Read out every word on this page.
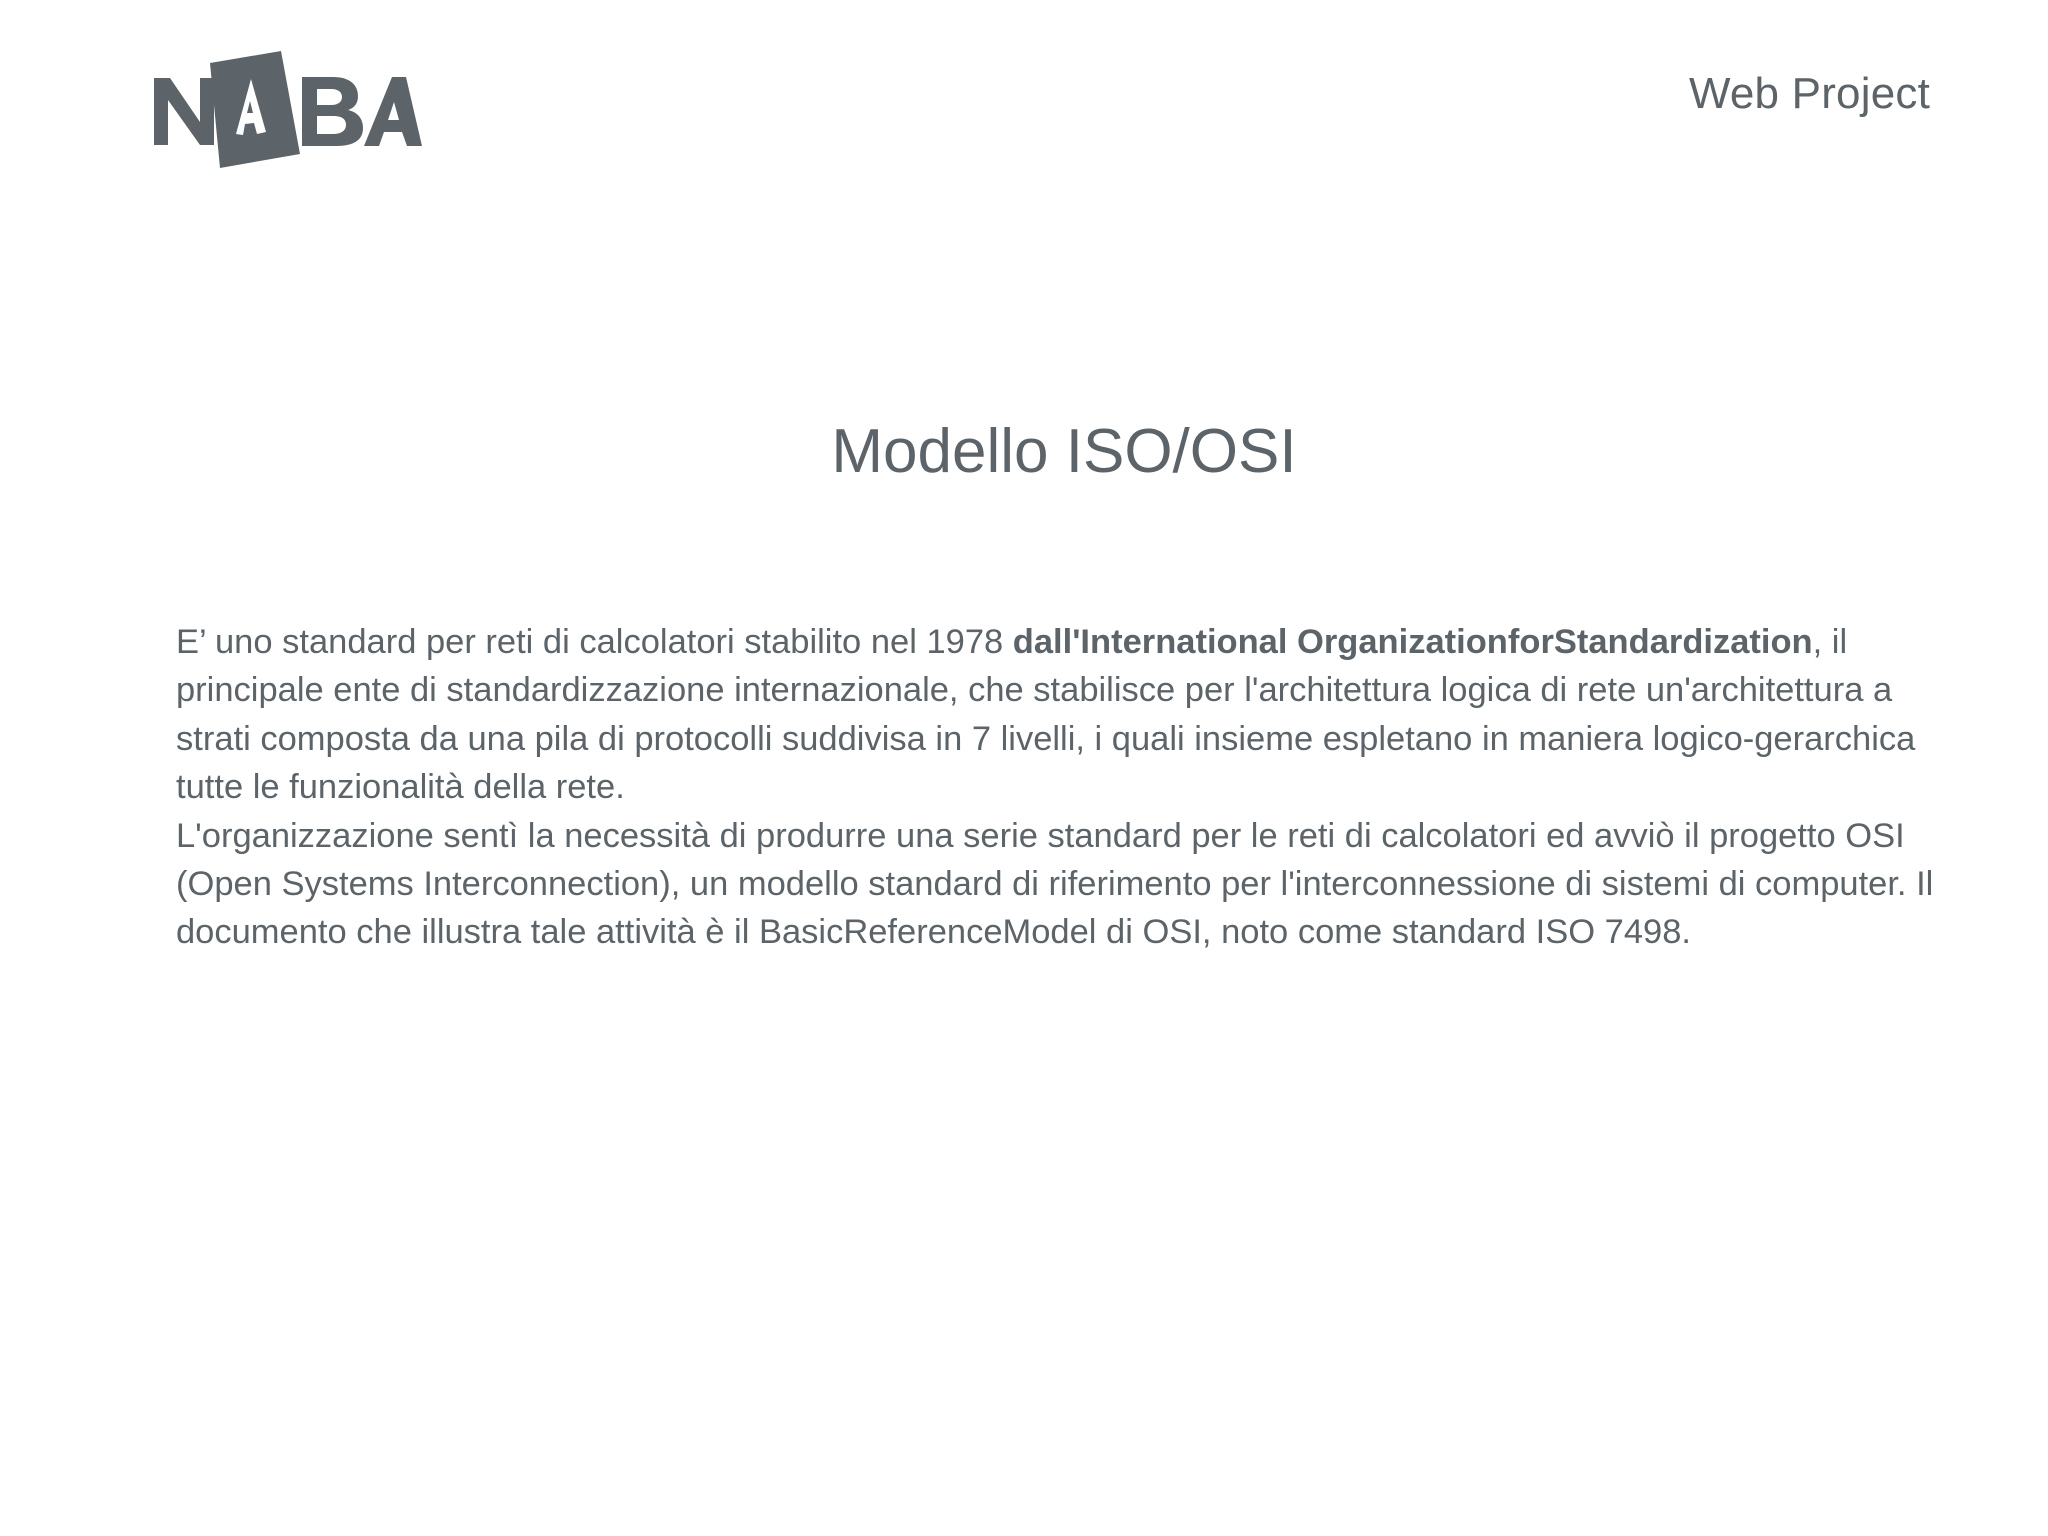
Web Project
Modello ISO/OSI

E’ uno standard per reti di calcolatori stabilito nel 1978 dall'International OrganizationforStandardization, il principale ente di standardizzazione internazionale, che stabilisce per l'architettura logica di rete un'architettura a strati composta da una pila di protocolli suddivisa in 7 livelli, i quali insieme espletano in maniera logico-gerarchica tutte le funzionalità della rete.

L'organizzazione sentì la necessità di produrre una serie standard per le reti di calcolatori ed avviò il progetto OSI (Open Systems Interconnection), un modello standard di riferimento per l'interconnessione di sistemi di computer. Il documento che illustra tale attività è il BasicReferenceModel di OSI, noto come standard ISO 7498.
